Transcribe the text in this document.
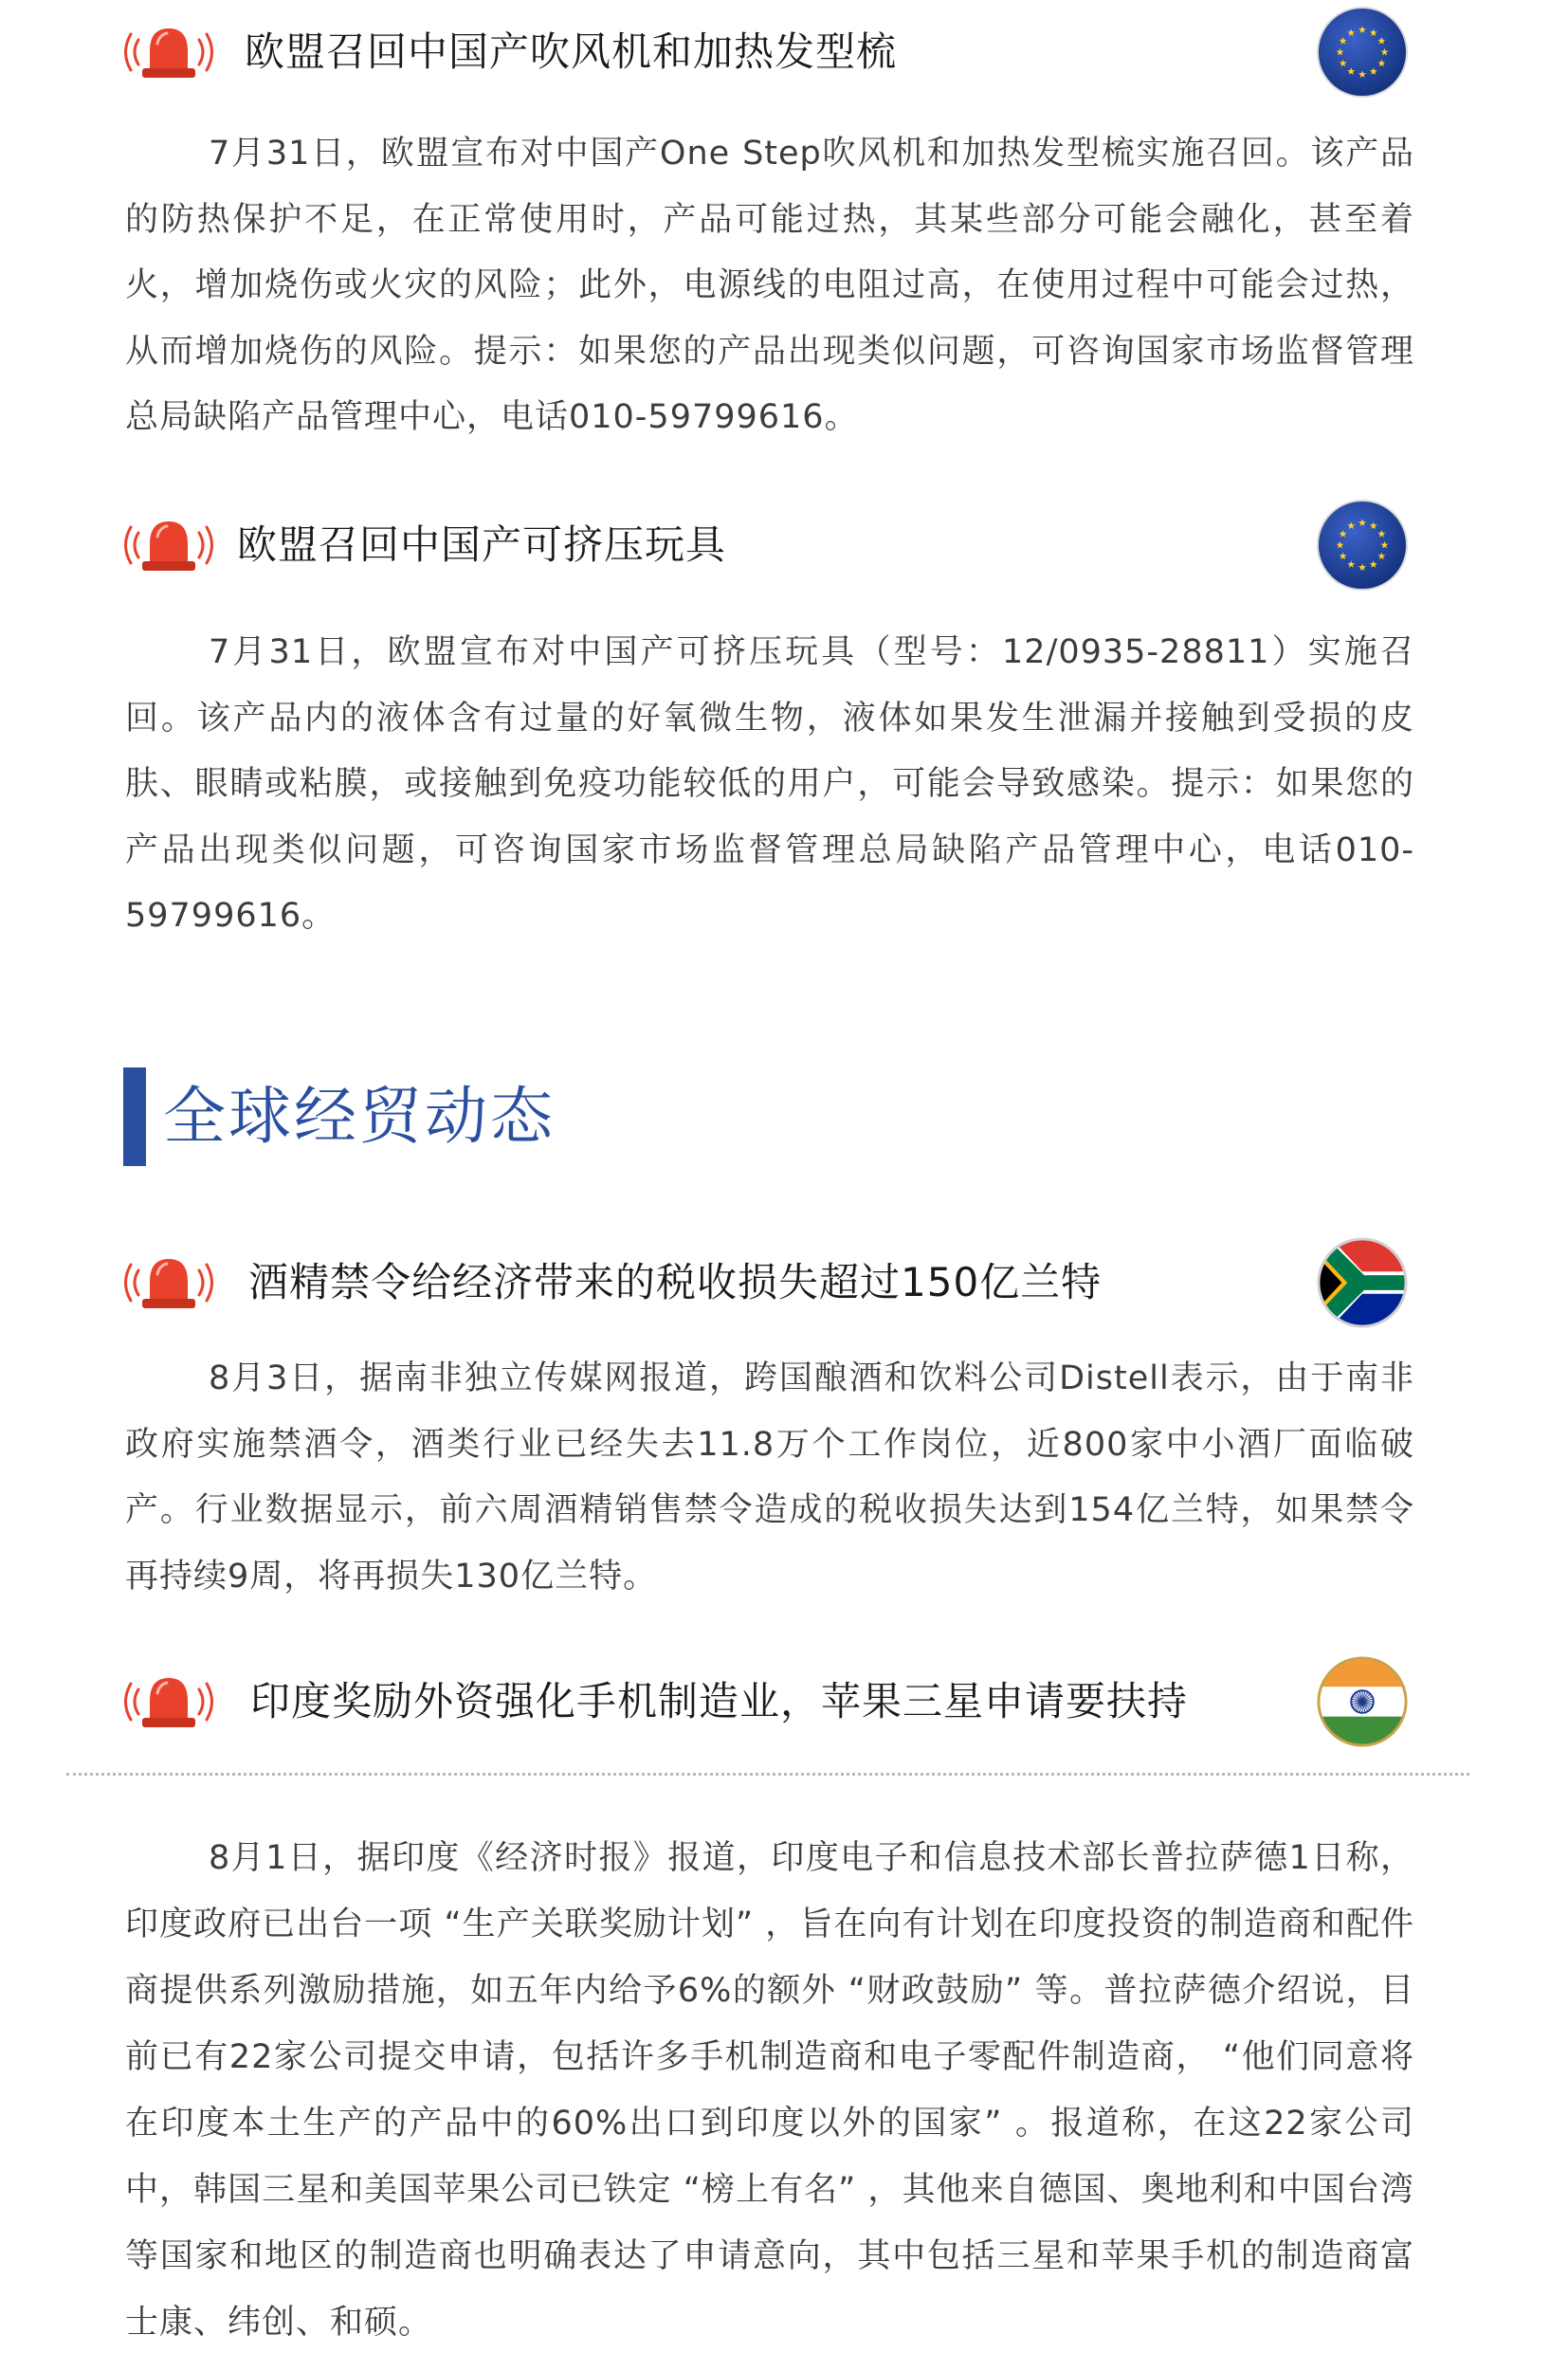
欧盟召回中国产吹风机和加热发型梳

7月31日，欧盟宣布对中国产One Step吹风机和加热发型梳实施召回。该产品的防热保护不足，在正常使用时，产品可能过热，其某些部分可能会融化，甚至着火，增加烧伤或火灾的风险；此外，电源线的电阻过高，在使用过程中可能会过热，从而增加烧伤的风险。提示：如果您的产品出现类似问题，可咨询国家市场监督管理总局缺陷产品管理中心，电话010-59799616。

欧盟召回中国产可挤压玩具

7月31日，欧盟宣布对中国产可挤压玩具（型号：12/0935-28811）实施召回。该产品内的液体含有过量的好氧微生物，液体如果发生泄漏并接触到受损的皮肤、眼睛或粘膜，或接触到免疫功能较低的用户，可能会导致感染。提示：如果您的产品出现类似问题，可咨询国家市场监督管理总局缺陷产品管理中心，电话010-59799616。

全球经贸动态
酒精禁令给经济带来的税收损失超过150亿兰特

8月3日，据南非独立传媒网报道，跨国酿酒和饮料公司Distell表示，由于南非政府实施禁酒令，酒类行业已经失去11.8万个工作岗位，近800家中小酒厂面临破产。行业数据显示，前六周酒精销售禁令造成的税收损失达到154亿兰特，如果禁令再持续9周，将再损失130亿兰特。

印度奖励外资强化手机制造业，苹果三星申请要扶持

8月1日，据印度《经济时报》报道，印度电子和信息技术部长普拉萨德1日称，印度政府已出台一项 “生产关联奖励计划” ，旨在向有计划在印度投资的制造商和配件商提供系列激励措施，如五年内给予6%的额外 “财政鼓励” 等。普拉萨德介绍说，目前已有22家公司提交申请，包括许多手机制造商和电子零配件制造商， “他们同意将在印度本土生产的产品中的60%出口到印度以外的国家” 。报道称，在这22家公司中，韩国三星和美国苹果公司已铁定 “榜上有名” ，其他来自德国、奥地利和中国台湾等国家和地区的制造商也明确表达了申请意向，其中包括三星和苹果手机的制造商富士康、纬创、和硕。
